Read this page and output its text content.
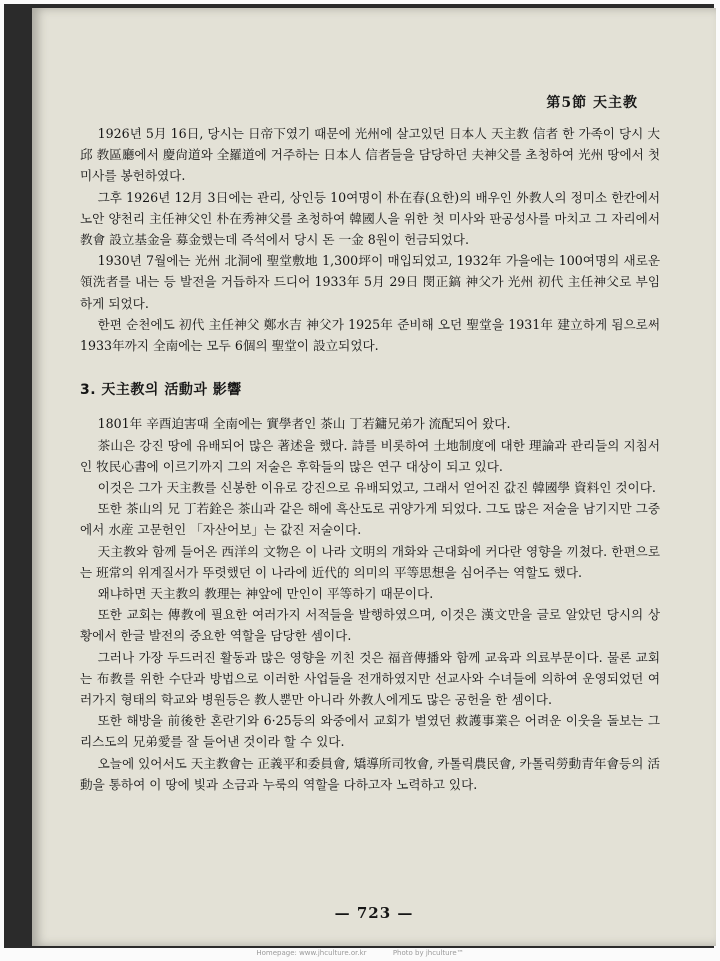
第5節 天主教

1926년 5月 16日, 당시는 日帝下였기 때문에 光州에 살고있던 日本人 天主教 信者 한 가족이 당시 大邱 教區廳에서 慶尙道와 全羅道에 거주하는 日本人 信者들을 담당하던 夫神父를 초청하여 光州 땅에서 첫 미사를 봉헌하였다.

그후 1926년 12月 3日에는 관리, 상인등 10여명이 朴在春(요한)의 배우인 外教人의 정미소 한칸에서 노안 양천리 主任神父인 朴在秀神父를 초청하여 韓國人을 위한 첫 미사와 판공성사를 마치고 그 자리에서 教會 設立基金을 募金했는데 즉석에서 당시 돈 一金 8원이 헌금되었다.

1930년 7월에는 光州 北洞에 聖堂敷地 1,300坪이 매입되었고, 1932年 가을에는 100여명의 새로운 領洗者를 내는 등 발전을 거듭하자 드디어 1933年 5月 29日 閔正鎬 神父가 光州 初代 主任神父로 부임하게 되었다.

한편 순천에도 初代 主任神父 鄭水吉 神父가 1925年 준비해 오던 聖堂을 1931年 建立하게 됨으로써 1933年까지 全南에는 모두 6個의 聖堂이 設立되었다.

3. 天主教의 活動과 影響

1801年 辛酉迫害때 全南에는 實學者인 茶山 丁若鏞兄弟가 流配되어 왔다.

茶山은 강진 땅에 유배되어 많은 著述을 했다. 詩를 비롯하여 土地制度에 대한 理論과 관리들의 지침서인 牧民心書에 이르기까지 그의 저술은 후학들의 많은 연구 대상이 되고 있다.

이것은 그가 天主教를 신봉한 이유로 강진으로 유배되었고, 그래서 얻어진 값진 韓國學 資料인 것이다.

또한 茶山의 兄 丁若銓은 茶山과 같은 해에 흑산도로 귀양가게 되었다. 그도 많은 저술을 남기지만 그중에서 水産 고문헌인 「자산어보」는 값진 저술이다.

天主教와 함께 들어온 西洋의 文物은 이 나라 文明의 개화와 근대화에 커다란 영향을 끼쳤다. 한편으로는 班常의 위계질서가 뚜렷했던 이 나라에 近代的 의미의 平等思想을 심어주는 역할도 했다.

왜냐하면 天主教의 教理는 神앞에 만인이 平等하기 때문이다.

또한 교회는 傳教에 필요한 여러가지 서적들을 발행하였으며, 이것은 漢文만을 글로 알았던 당시의 상황에서 한글 발전의 중요한 역할을 담당한 셈이다.

그러나 가장 두드러진 활동과 많은 영향을 끼친 것은 福音傳播와 함께 교육과 의료부문이다. 물론 교회는 布教를 위한 수단과 방법으로 이러한 사업들을 전개하였지만 선교사와 수녀들에 의하여 운영되었던 여러가지 형태의 학교와 병원등은 教人뿐만 아니라 外教人에게도 많은 공헌을 한 셈이다.

또한 해방을 前後한 혼란기와 6·25등의 와중에서 교회가 벌였던 救護事業은 어려운 이웃을 돌보는 그리스도의 兄弟愛를 잘 들어낸 것이라 할 수 있다.

오늘에 있어서도 天主教會는 正義平和委員會, 矯導所司牧會, 카톨릭農民會, 카톨릭勞動青年會등의 活動을 통하여 이 땅에 빛과 소금과 누룩의 역할을 다하고자 노력하고 있다.

— 723 —
Homepage: www.jhculture.or.kr	Photo by jhculture™
